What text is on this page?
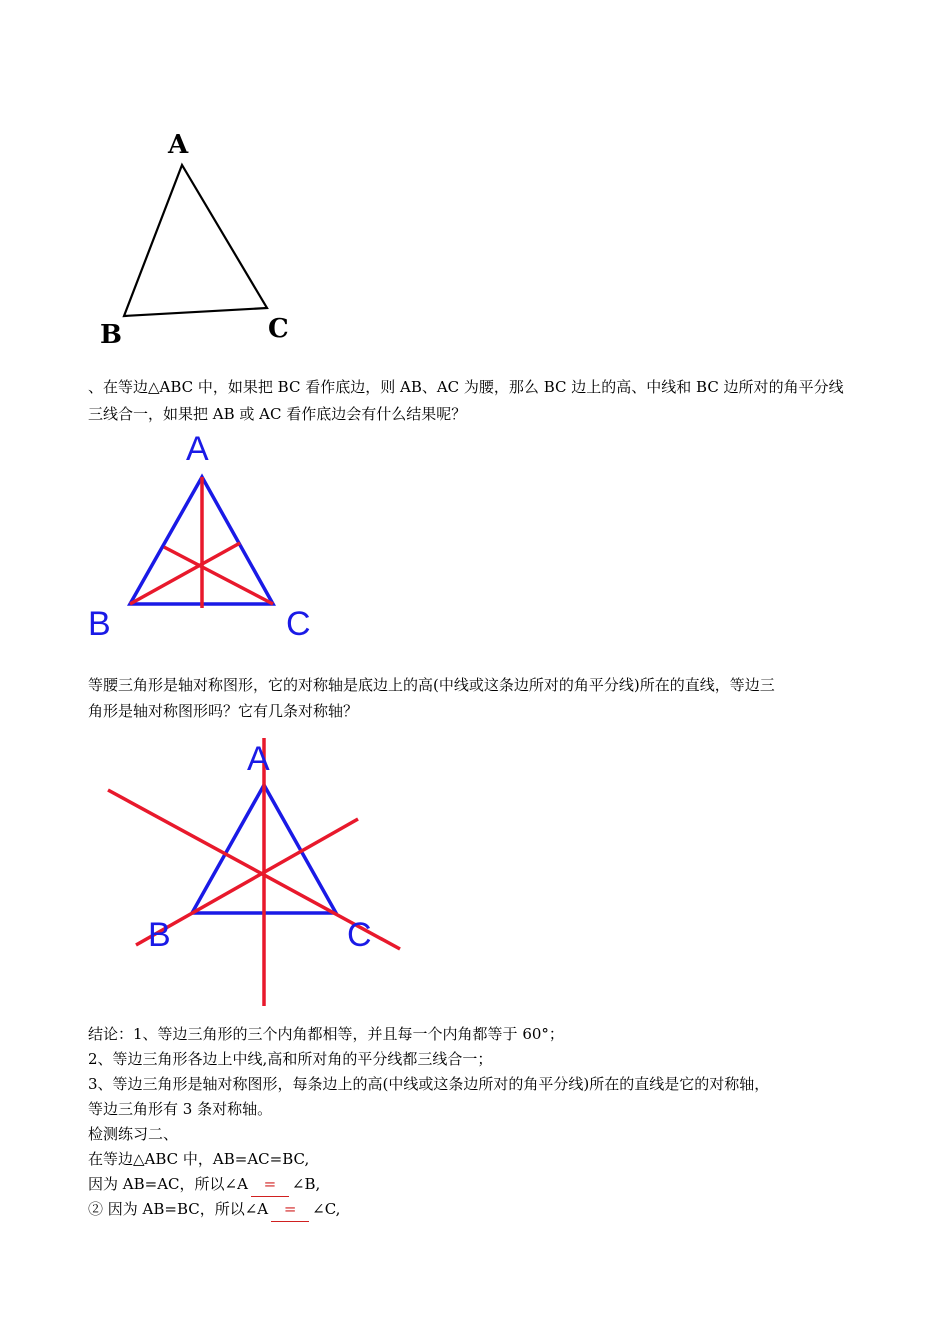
A
B	C
、在等边△ABC 中，如果把 BC 看作底边，则 AB、AC 为腰，那么 BC 边上的高、中线和 BC 边所对的角平分线
三线合一，如果把 AB 或 AC 看作底边会有什么结果呢？
A
B	C
等腰三角形是轴对称图形，它的对称轴是底边上的高(中线或这条边所对的角平分线)所在的直线，等边三
角形是轴对称图形吗？它有几条对称轴？
A
B	C
结论：1、等边三角形的三个内角都相等，并且每一个内角都等于 60°；
2、等边三角形各边上中线,高和所对角的平分线都三线合一；
3、等边三角形是轴对称图形，每条边上的高(中线或这条边所对的角平分线)所在的直线是它的对称轴，
等边三角形有 3 条对称轴。
检测练习二、
在等边△ABC 中，AB=AC=BC,
因为 AB=AC，所以∠A = ∠B,
② 因为 AB=BC，所以∠A = ∠C,
